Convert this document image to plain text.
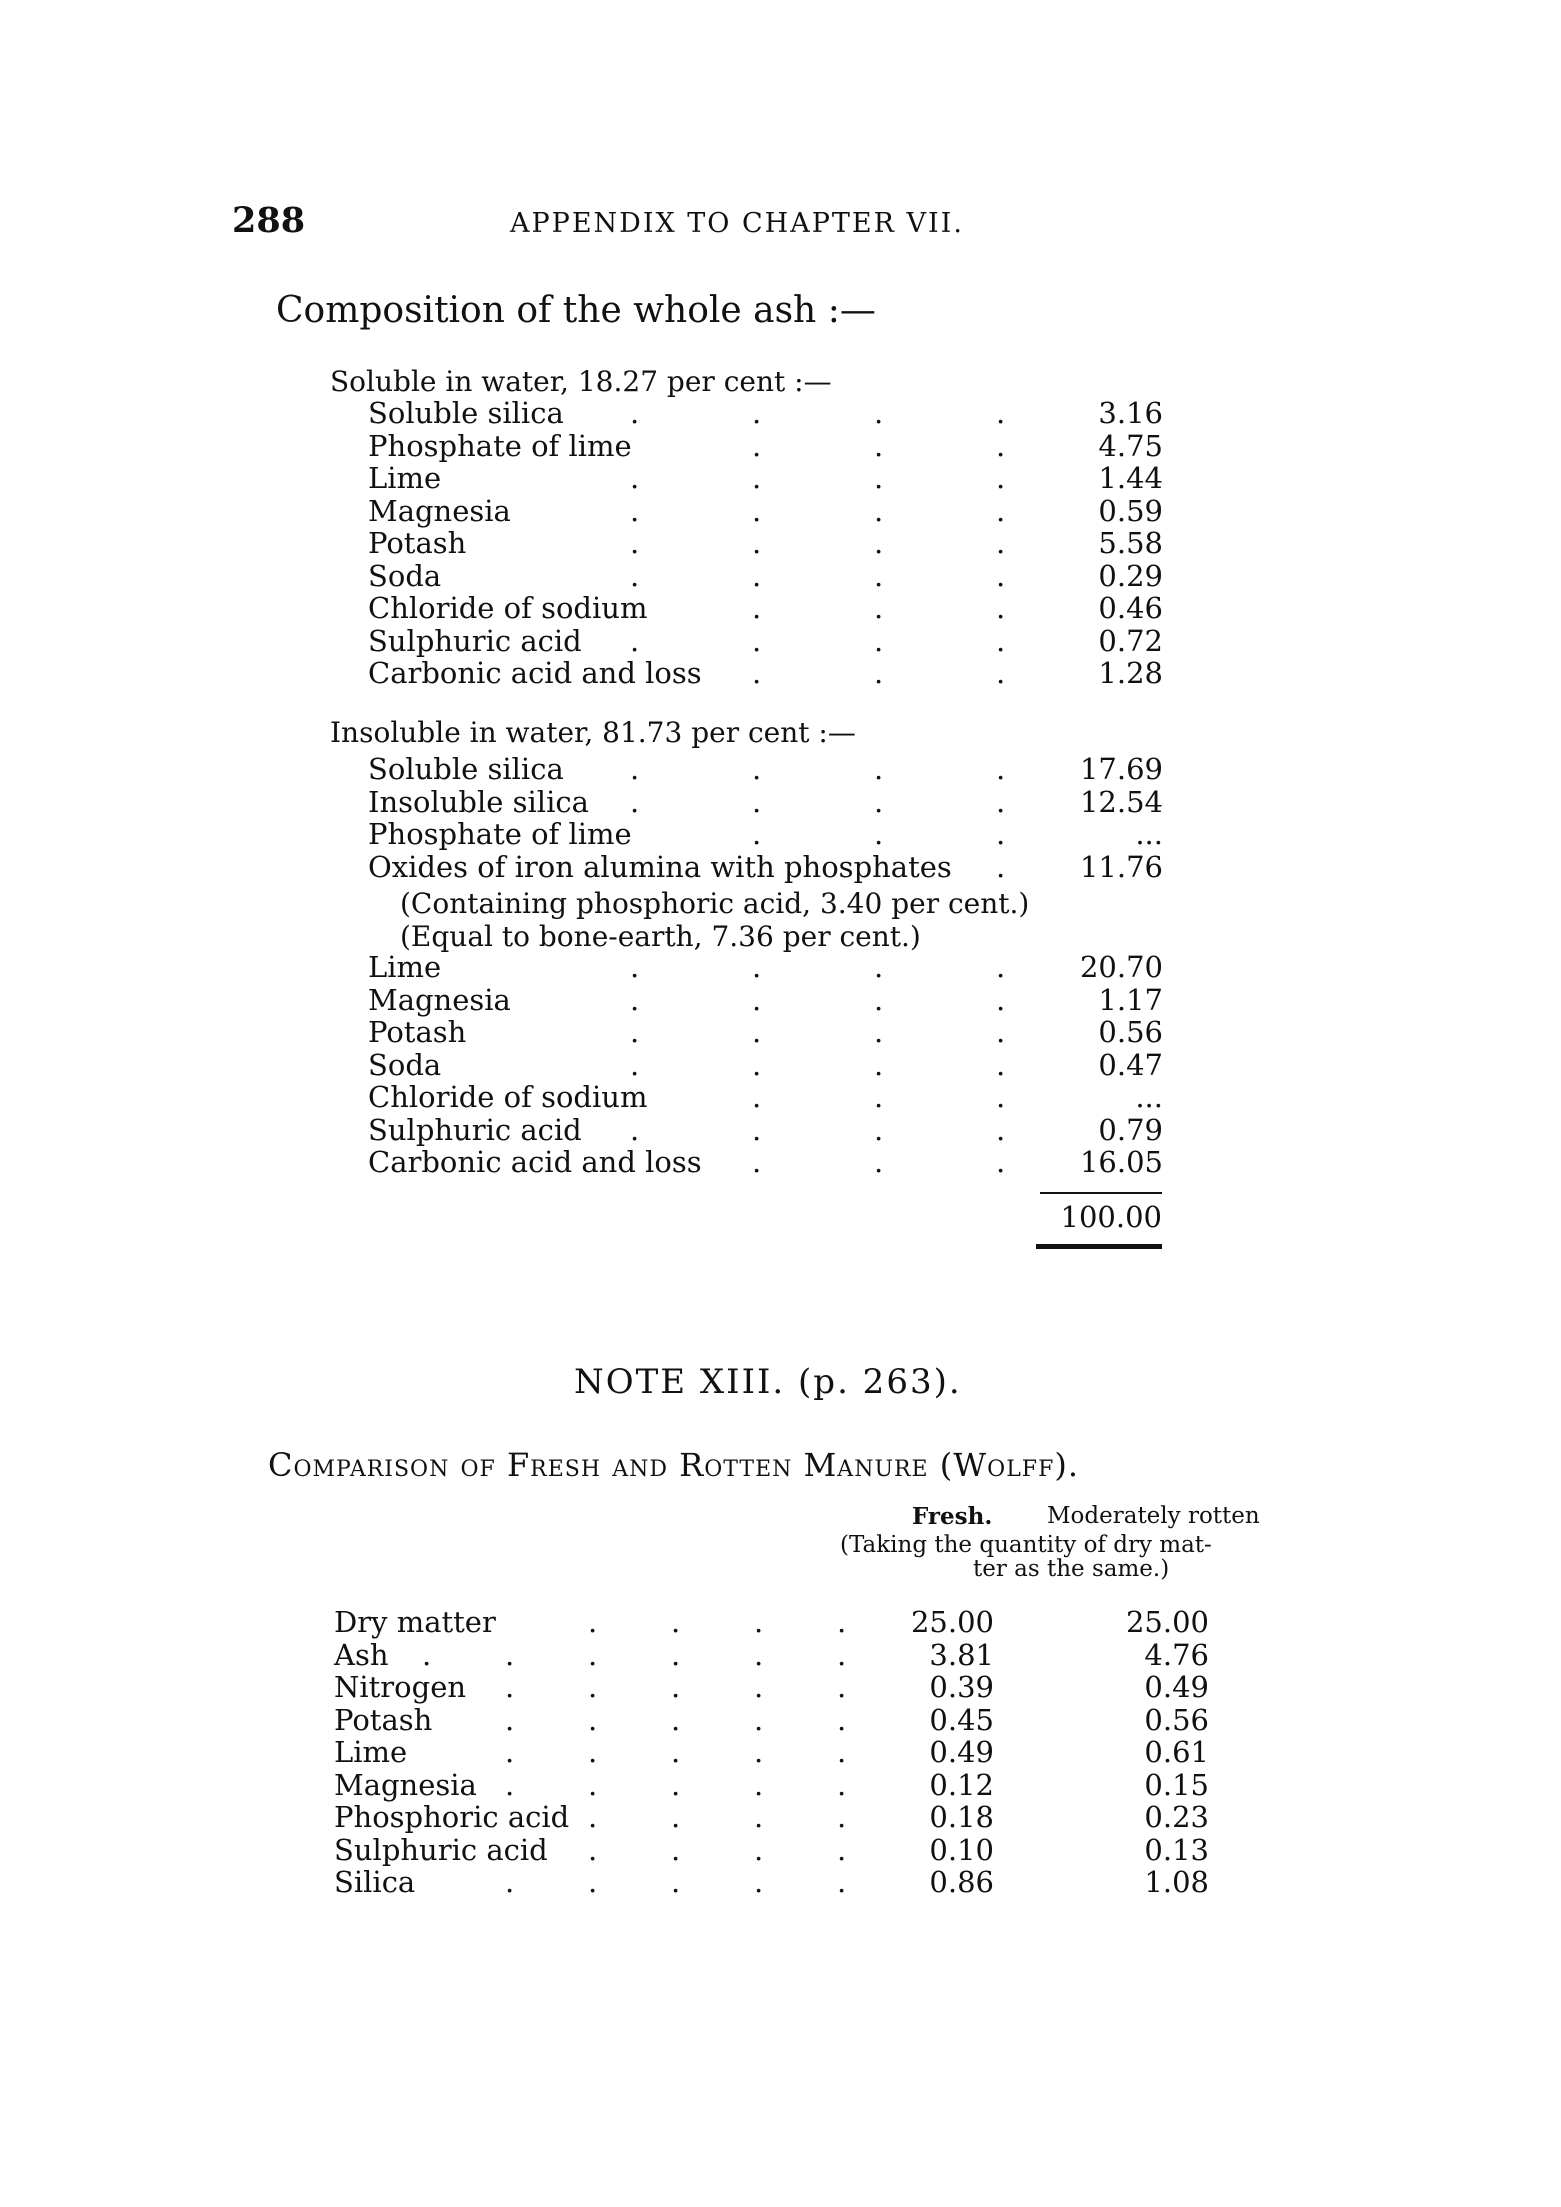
288	APPENDIX TO CHAPTER VII.
Composition of the whole ash :—
Soluble in water, 18.27 per cent :—
Soluble silica .	.	.	.	3.16
Phosphate of lime	.	.	.	4.75
Lime	.	.	.	.	1.44
Magnesia	.	.	.	.	0.59
Potash	.	.	.	.	5.58
Soda	.	.	.	.	0.29
Chloride of sodium	.	.	.	0.46
Sulphuric acid .	.	.	.	0.72
Carbonic acid and loss .	.	.	1.28
Insoluble in water, 81.73 per cent :—
Soluble silica .	.	.	.	17.69
Insoluble silica .	.	.	.	12.54
Phosphate of lime	.	.	.	...
Oxides of iron alumina with phosphates .	11.76
(Containing phosphoric acid, 3.40 per cent.)
(Equal to bone-earth, 7.36 per cent.)
Lime	.	.	.	.	20.70
Magnesia	.	.	.	.	1.17
Potash	.	.	.	.	0.56
Soda	.	.	.	.	0.47
Chloride of sodium	.	.	.	...
Sulphuric acid .	.	.	.	0.79
Carbonic acid and loss .	.	.	16.05
100.00
NOTE XIII. (p. 263).
Comparison of Fresh and Rotten Manure (Wolff).
Fresh. Moderately rotten
(Taking the quantity of dry mat-
ter as the same.)
Dry matter	.	.	.	.	25.00	25.00
Ash .	.	.	.	.	.	3.81	4.76
Nitrogen .	.	.	.	.	0.39	0.49
Potash	.	.	.	.	.	0.45	0.56
Lime	.	.	.	.	.	0.49	0.61
Magnesia .	.	.	.	.	0.12	0.15
Phosphoric acid .	.	.	.	0.18	0.23
Sulphuric acid .	.	.	.	0.10	0.13
Silica	.	.	.	.	.	0.86	1.08
